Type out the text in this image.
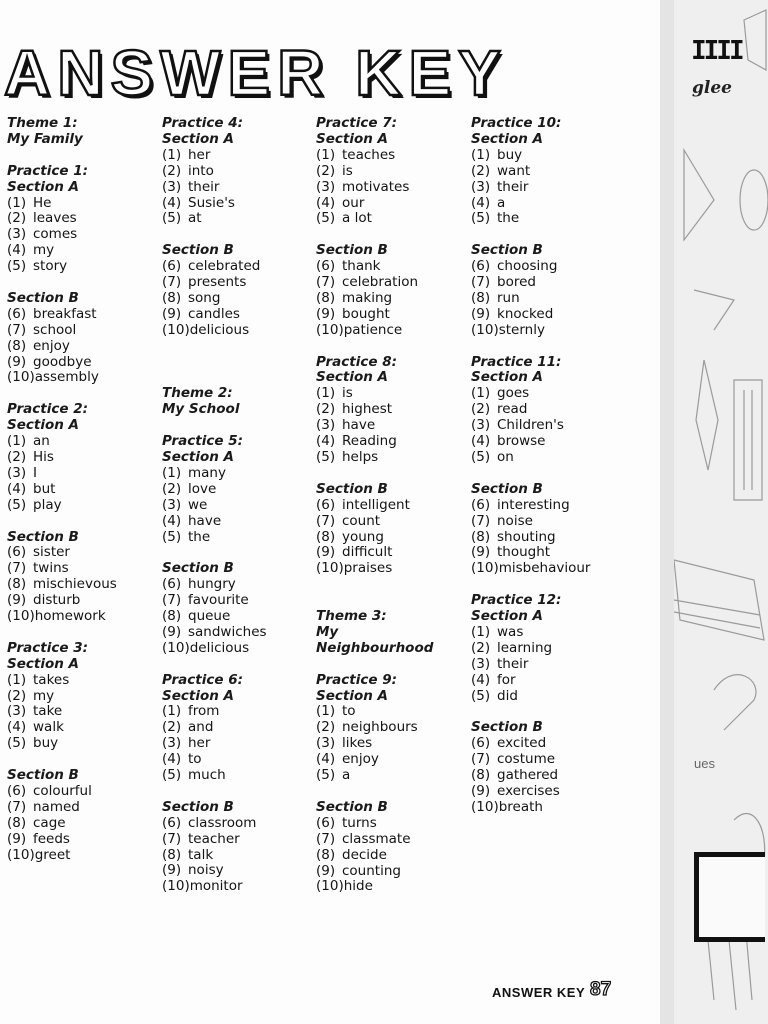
ANSWER KEY
Theme 1:
My Family
Practice 1:
Section A
(1) He
(2) leaves
(3) comes
(4) my
(5) story
Section B
(6) breakfast
(7) school
(8) enjoy
(9) goodbye
(10)assembly
Practice 2:
Section A
(1) an
(2) His
(3) I
(4) but
(5) play
Section B
(6) sister
(7) twins
(8) mischievous
(9) disturb
(10)homework
Practice 3:
Section A
(1) takes
(2) my
(3) take
(4) walk
(5) buy
Section B
(6) colourful
(7) named
(8) cage
(9) feeds
(10)greet
Practice 4:
Section A
(1) her
(2) into
(3) their
(4) Susie's
(5) at
Section B
(6) celebrated
(7) presents
(8) song
(9) candles
(10)delicious

Theme 2:
My School
Practice 5:
Section A
(1) many
(2) love
(3) we
(4) have
(5) the
Section B
(6) hungry
(7) favourite
(8) queue
(9) sandwiches
(10)delicious
Practice 6:
Section A
(1) from
(2) and
(3) her
(4) to
(5) much
Section B
(6) classroom
(7) teacher
(8) talk
(9) noisy
(10)monitor
Practice 7:
Section A
(1) teaches
(2) is
(3) motivates
(4) our
(5) a lot
Section B
(6) thank
(7) celebration
(8) making
(9) bought
(10)patience
Practice 8:
Section A
(1) is
(2) highest
(3) have
(4) Reading
(5) helps
Section B
(6) intelligent
(7) count
(8) young
(9) difficult
(10)praises

Theme 3:
My
Neighbourhood
Practice 9:
Section A
(1) to
(2) neighbours
(3) likes
(4) enjoy
(5) a
Section B
(6) turns
(7) classmate
(8) decide
(9) counting
(10)hide
Practice 10:
Section A
(1) buy
(2) want
(3) their
(4) a
(5) the
Section B
(6) choosing
(7) bored
(8) run
(9) knocked
(10)sternly
Practice 11:
Section A
(1) goes
(2) read
(3) Children's
(4) browse
(5) on
Section B
(6) interesting
(7) noise
(8) shouting
(9) thought
(10)misbehaviour
Practice 12:
Section A
(1) was
(2) learning
(3) their
(4) for
(5) did
Section B
(6) excited
(7) costume
(8) gathered
(9) exercises
(10)breath
IIII
glee
ues
ANSWER KEY 87
